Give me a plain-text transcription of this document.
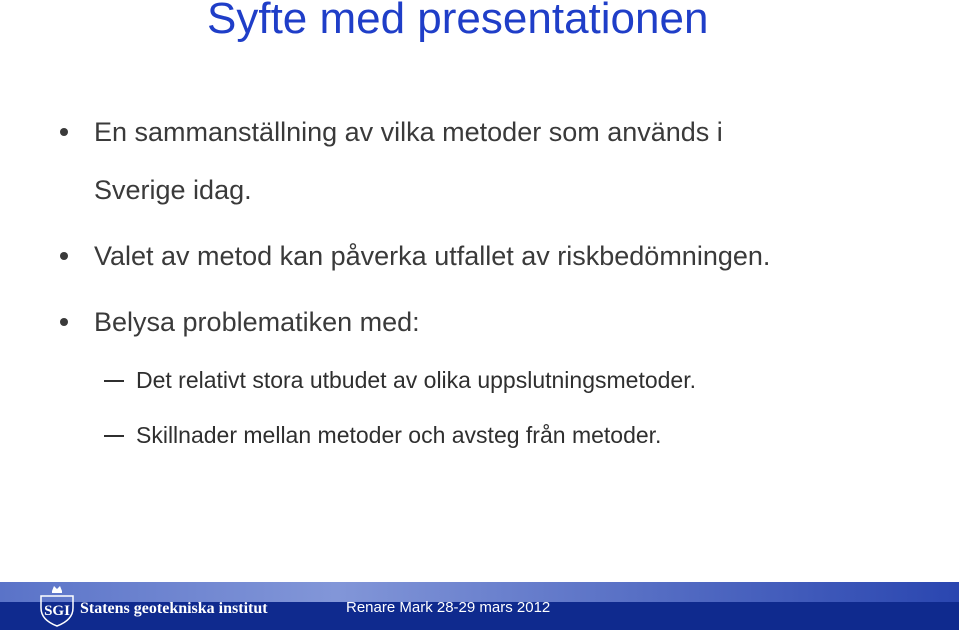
Syfte med presentationen
En sammanställning av vilka metoder som används i
Sverige idag.
Valet av metod kan påverka utfallet av riskbedömningen.
Belysa problematiken med:
Det relativt stora utbudet av olika uppslutningsmetoder.
Skillnader mellan metoder och avsteg från metoder.
SGI Statens geotekniska institut	Renare Mark 28-29 mars 2012
